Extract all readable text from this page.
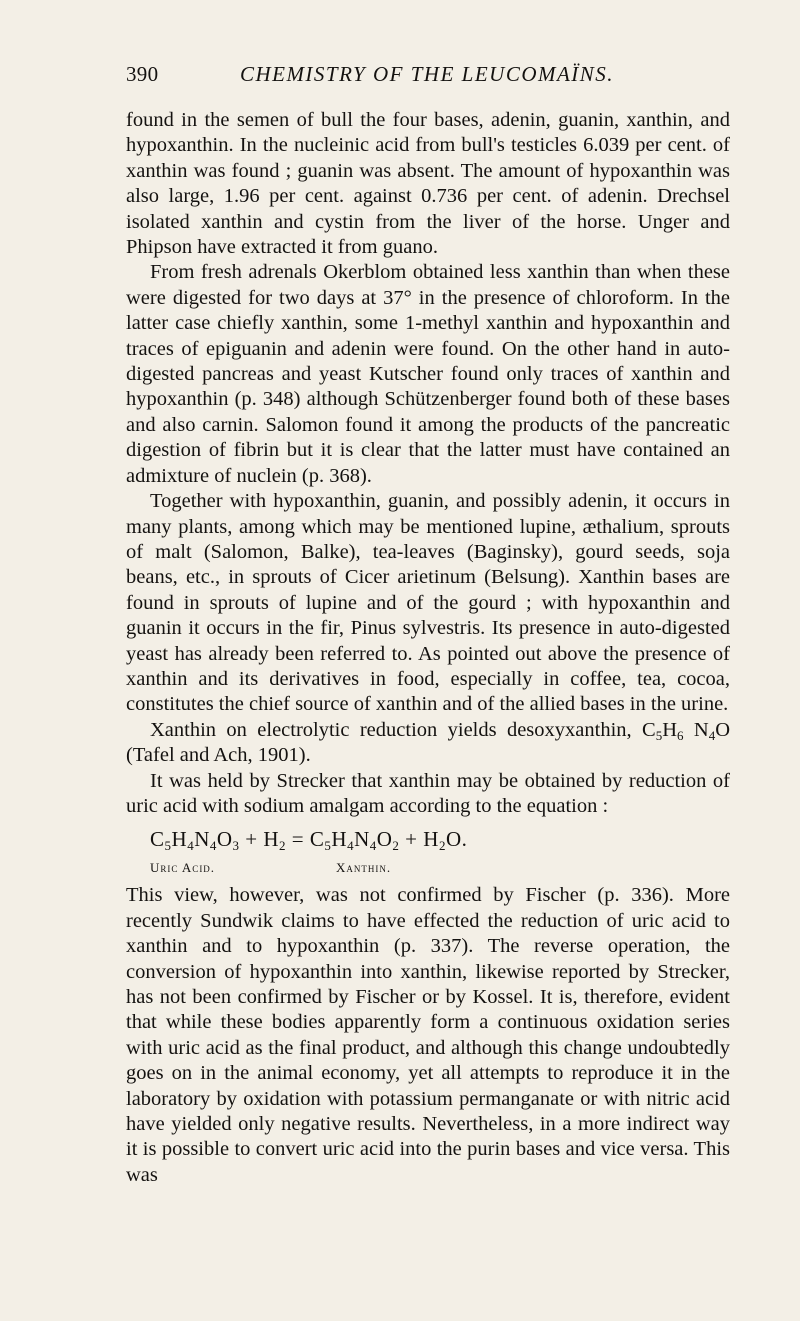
390	CHEMISTRY OF THE LEUCOMAÏNS.

found in the semen of bull the four bases, adenin, guanin, xanthin, and hypoxanthin. In the nucleinic acid from bull's testicles 6.039 per cent. of xanthin was found ; guanin was absent. The amount of hypoxanthin was also large, 1.96 per cent. against 0.736 per cent. of adenin. Drechsel isolated xanthin and cystin from the liver of the horse. Unger and Phipson have extracted it from guano.

From fresh adrenals Okerblom obtained less xanthin than when these were digested for two days at 37° in the presence of chloroform. In the latter case chiefly xanthin, some 1-methyl xanthin and hypoxanthin and traces of epiguanin and adenin were found. On the other hand in auto-digested pancreas and yeast Kutscher found only traces of xanthin and hypoxanthin (p. 348) although Schützenberger found both of these bases and also carnin. Salomon found it among the products of the pancreatic digestion of fibrin but it is clear that the latter must have contained an admixture of nuclein (p. 368).

Together with hypoxanthin, guanin, and possibly adenin, it occurs in many plants, among which may be mentioned lupine, æthalium, sprouts of malt (Salomon, Balke), tea-leaves (Baginsky), gourd seeds, soja beans, etc., in sprouts of Cicer arietinum (Belsung). Xanthin bases are found in sprouts of lupine and of the gourd ; with hypoxanthin and guanin it occurs in the fir, Pinus sylvestris. Its presence in auto-digested yeast has already been referred to. As pointed out above the presence of xanthin and its derivatives in food, especially in coffee, tea, cocoa, constitutes the chief source of xanthin and of the allied bases in the urine.

Xanthin on electrolytic reduction yields desoxyxanthin, $C_5H_6$ $N_4O$ (Tafel and Ach, 1901).

It was held by Strecker that xanthin may be obtained by reduction of uric acid with sodium amalgam according to the equation :

$C_5H_4N_4O_3 + H_2 = C_5H_4N_4O_2 + H_2O$.
Uric Acid.	Xanthin.

This view, however, was not confirmed by Fischer (p. 336). More recently Sundwik claims to have effected the reduction of uric acid to xanthin and to hypoxanthin (p. 337). The reverse operation, the conversion of hypoxanthin into xanthin, likewise reported by Strecker, has not been confirmed by Fischer or by Kossel. It is, therefore, evident that while these bodies apparently form a continuous oxidation series with uric acid as the final product, and although this change undoubtedly goes on in the animal economy, yet all attempts to reproduce it in the laboratory by oxidation with potassium permanganate or with nitric acid have yielded only negative results. Nevertheless, in a more indirect way it is possible to convert uric acid into the purin bases and vice versa. This was
